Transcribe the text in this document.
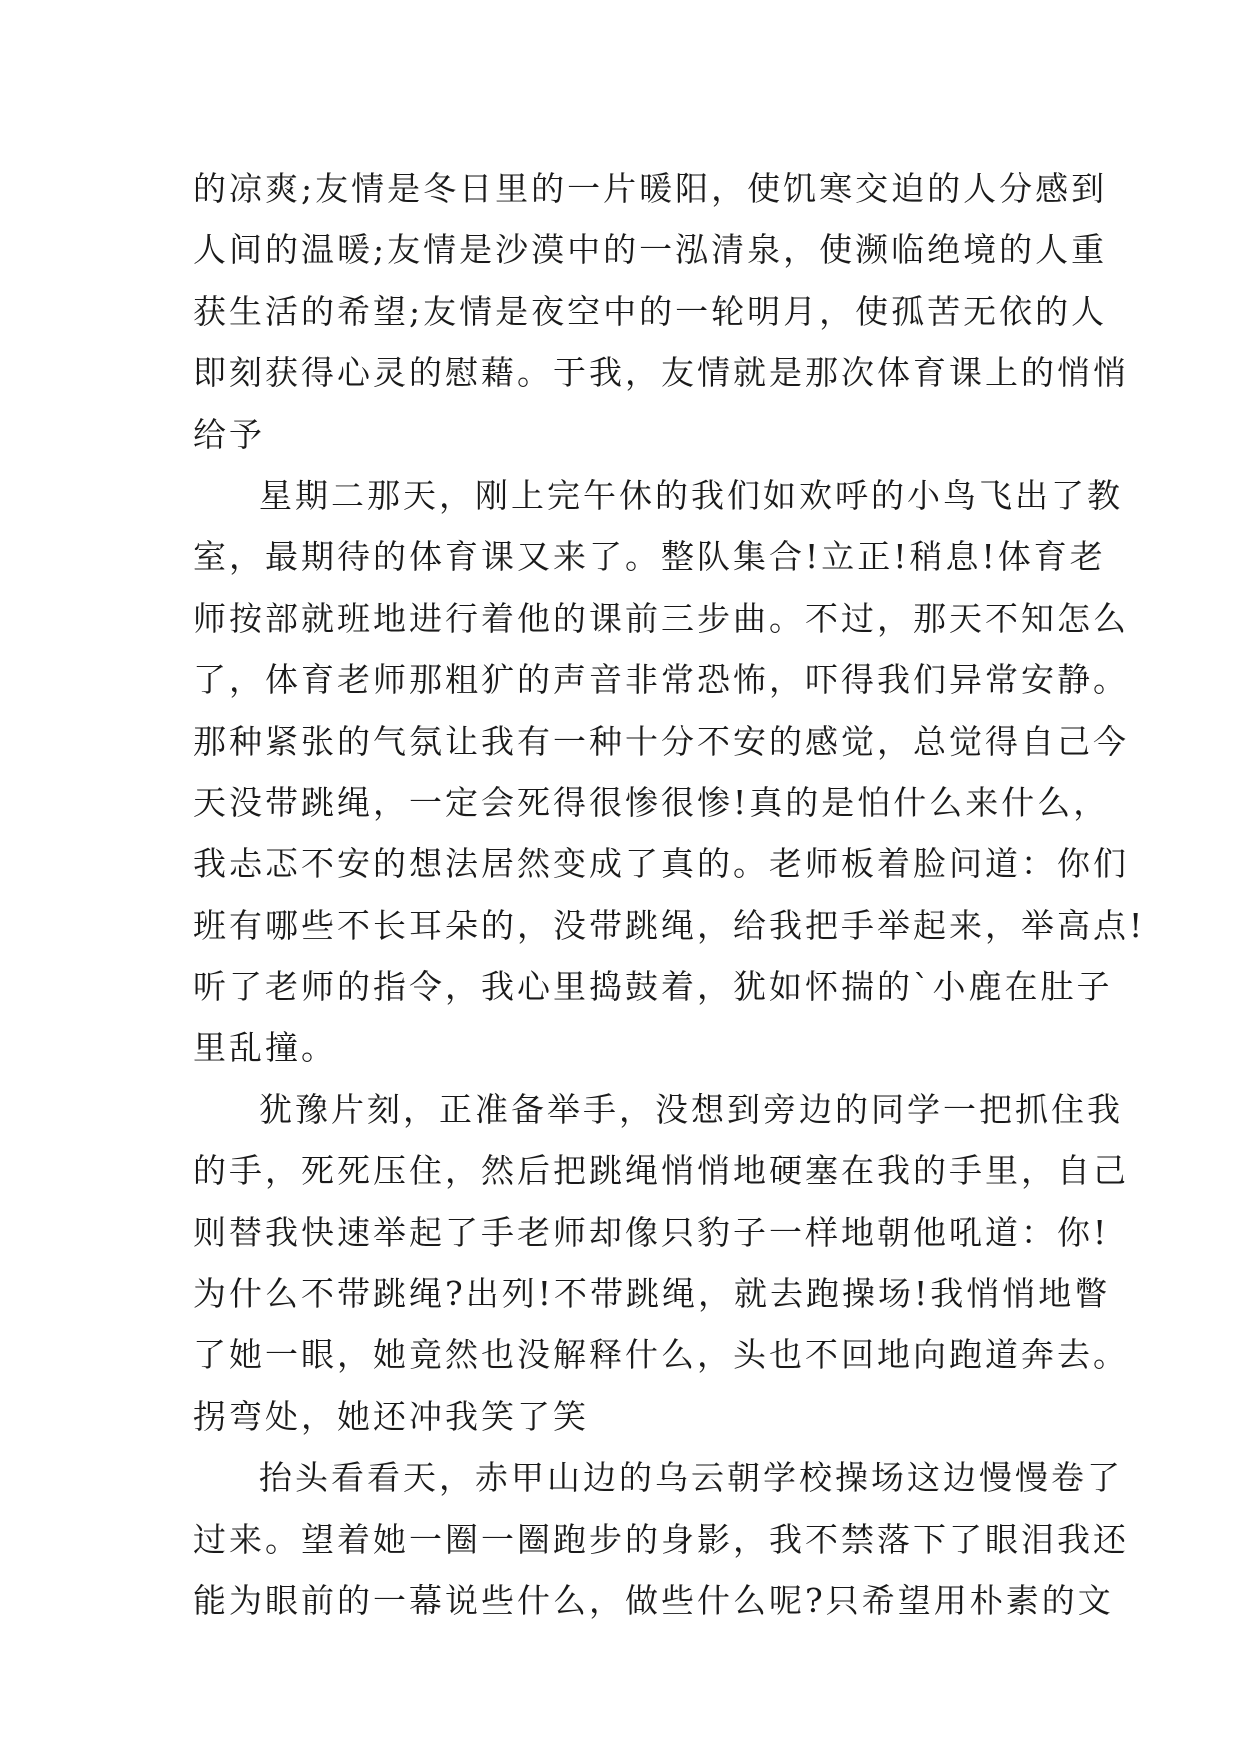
的凉爽;友情是冬日里的一片暖阳，使饥寒交迫的人分感到
人间的温暖;友情是沙漠中的一泓清泉，使濒临绝境的人重
获生活的希望;友情是夜空中的一轮明月，使孤苦无依的人
即刻获得心灵的慰藉。于我，友情就是那次体育课上的悄悄
给予
星期二那天，刚上完午休的我们如欢呼的小鸟飞出了教
室，最期待的体育课又来了。整队集合!立正!稍息!体育老
师按部就班地进行着他的课前三步曲。不过，那天不知怎么
了，体育老师那粗犷的声音非常恐怖，吓得我们异常安静。
那种紧张的气氛让我有一种十分不安的感觉，总觉得自己今
天没带跳绳，一定会死得很惨很惨!真的是怕什么来什么，
我忐忑不安的想法居然变成了真的。老师板着脸问道：你们
班有哪些不长耳朵的，没带跳绳，给我把手举起来，举高点!
听了老师的指令，我心里捣鼓着，犹如怀揣的`小鹿在肚子
里乱撞。
犹豫片刻，正准备举手，没想到旁边的同学一把抓住我
的手，死死压住，然后把跳绳悄悄地硬塞在我的手里，自己
则替我快速举起了手老师却像只豹子一样地朝他吼道：你!
为什么不带跳绳?出列!不带跳绳，就去跑操场!我悄悄地瞥
了她一眼，她竟然也没解释什么，头也不回地向跑道奔去。
拐弯处，她还冲我笑了笑
抬头看看天，赤甲山边的乌云朝学校操场这边慢慢卷了
过来。望着她一圈一圈跑步的身影，我不禁落下了眼泪我还
能为眼前的一幕说些什么，做些什么呢?只希望用朴素的文
